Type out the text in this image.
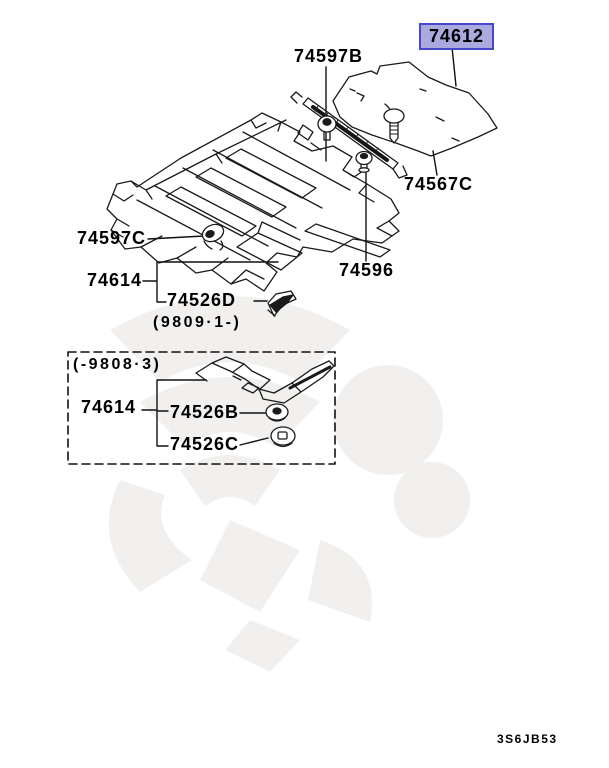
74612
74597B
74567C
74597C
74614
74526D
(9809·1-)
74596
(-9808·3)
74614 74526B
74526C
3S6JB53
